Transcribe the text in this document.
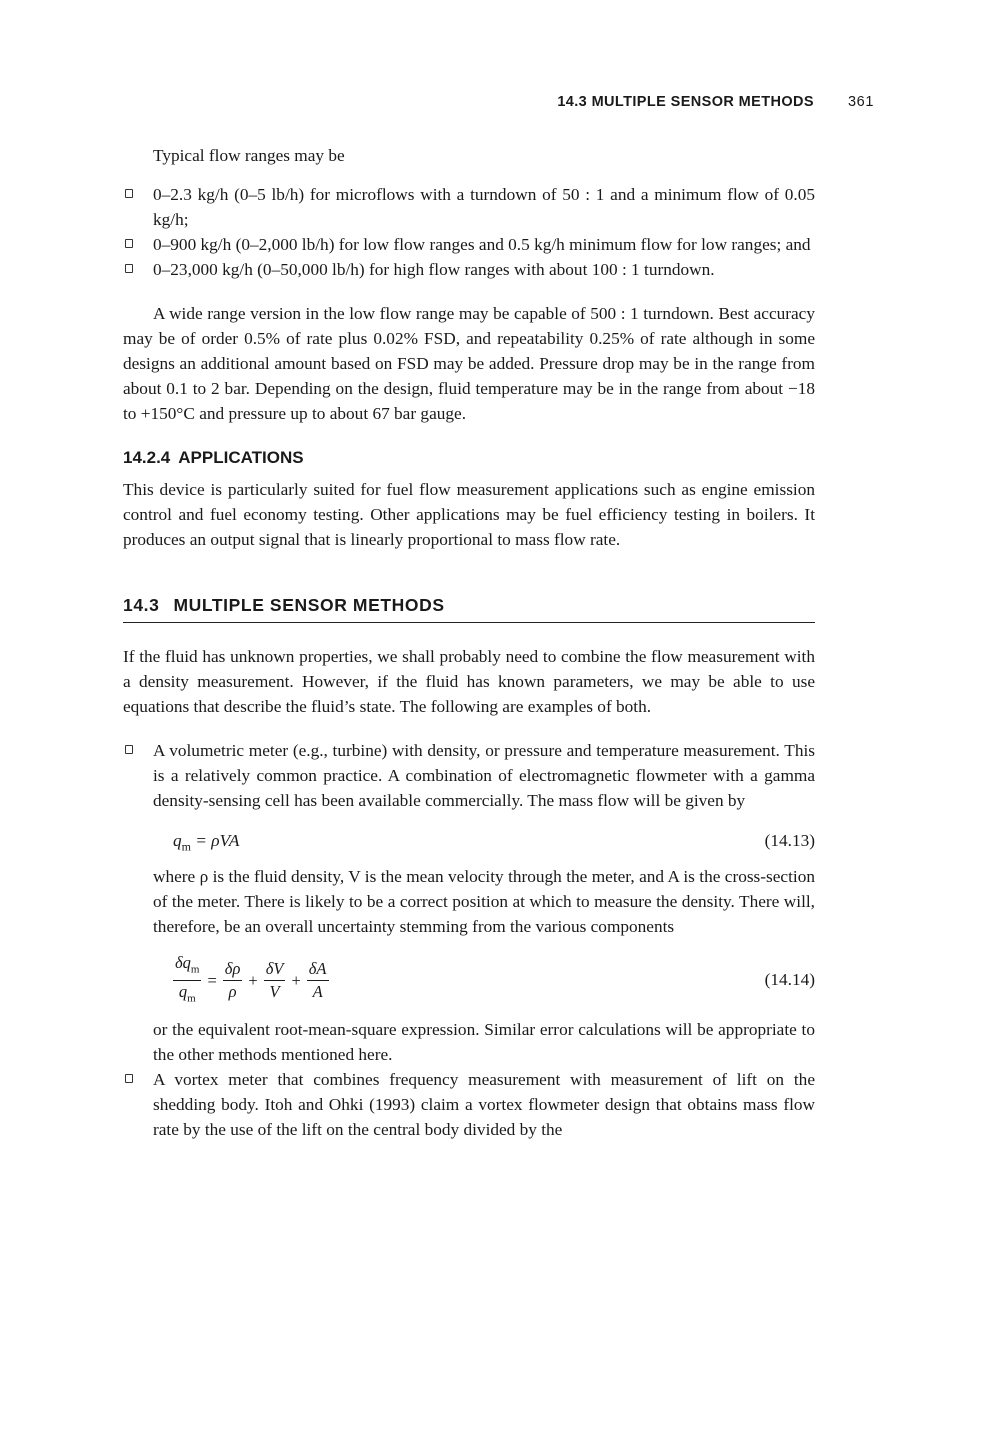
14.3 MULTIPLE SENSOR METHODS 361

Typical flow ranges may be

0–2.3 kg/h (0–5 lb/h) for microflows with a turndown of 50 : 1 and a minimum flow of 0.05 kg/h;
0–900 kg/h (0–2,000 lb/h) for low flow ranges and 0.5 kg/h minimum flow for low ranges; and
0–23,000 kg/h (0–50,000 lb/h) for high flow ranges with about 100 : 1 turndown.

A wide range version in the low flow range may be capable of 500 : 1 turndown. Best accuracy may be of order 0.5% of rate plus 0.02% FSD, and repeatability 0.25% of rate although in some designs an additional amount based on FSD may be added. Pressure drop may be in the range from about 0.1 to 2 bar. Depending on the design, fluid temperature may be in the range from about −18 to +150°C and pressure up to about 67 bar gauge.

14.2.4 APPLICATIONS

This device is particularly suited for fuel flow measurement applications such as engine emission control and fuel economy testing. Other applications may be fuel efficiency testing in boilers. It produces an output signal that is linearly proportional to mass flow rate.

14.3 MULTIPLE SENSOR METHODS

If the fluid has unknown properties, we shall probably need to combine the flow measurement with a density measurement. However, if the fluid has known parameters, we may be able to use equations that describe the fluid’s state. The following are examples of both.

A volumetric meter (e.g., turbine) with density, or pressure and temperature measurement. This is a relatively common practice. A combination of electromagnetic flowmeter with a gamma density-sensing cell has been available commercially. The mass flow will be given by
$q_m = \rho VA$	(14.13)

where ρ is the fluid density, V is the mean velocity through the meter, and A is the cross-section of the meter. There is likely to be a correct position at which to measure the density. There will, therefore, be an overall uncertainty stemming from the various components

$\frac{\delta q_m}{q_m} = \frac{\delta\rho}{\rho} + \frac{\delta V}{V} + \frac{\delta A}{A}$	(14.14)

or the equivalent root-mean-square expression. Similar error calculations will be appropriate to the other methods mentioned here.

A vortex meter that combines frequency measurement with measurement of lift on the shedding body. Itoh and Ohki (1993) claim a vortex flowmeter design that obtains mass flow rate by the use of the lift on the central body divided by the
